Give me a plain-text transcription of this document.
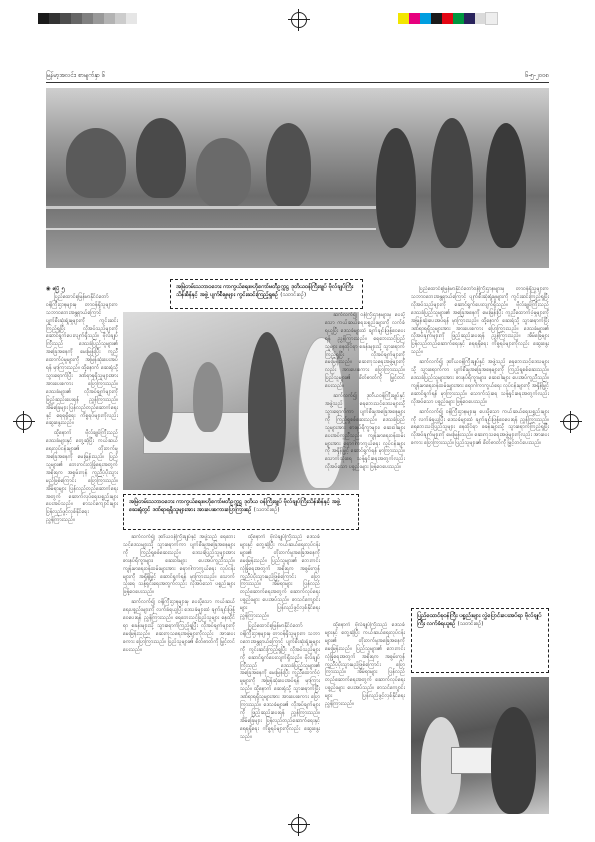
မြန်မာ့အလင်း၊ စာမျက်နှာ ၆	၆-၅-၂၀၀၈
အမြဲတမ်းသဘာဝဘေး ကာကွယ်ရေးဗဟိုကော်မတီဥက္ကဋ္ဌ ဒုတိယဝန်ကြီးချုပ် ဗိုလ်ချုပ်ကြီးသိန်းစိန်နှင့် အဖွဲ့ ပျက်စီးမှုများ ကွင်းဆင်းကြည့်ရှုစဉ် (သတင်းစဉ်)
အမြဲတမ်းသဘာဝဘေး ကာကွယ်ရေးဗဟိုကော်မတီဥက္ကဋ္ဌ ဒုတိယ ဝန်ကြီးချုပ် ဗိုလ်ချုပ်ကြီးသိန်းစိန်နှင့် အဖွဲ့ ဆေးရုံတွင် ဒဏ်ရာရရှိသူများအား အားပေးစကားပြောကြားစဉ် (သတင်းစဉ်)
◉ ဧပြီ ၅

ပြည်ထောင်စုမြန်မာနိုင်ငံတော်ဝန်ကြီးဌာနများမှ တာဝန်ရှိသူများက သဘာဝဘေးအန္တရာယ်ကြောင့် ပျက်စီးဆုံးရှုံးမှုများကို ကွင်းဆင်းကြည့်ရှုပြီး လိုအပ်သည်များကို ဆောင်ရွက်ပေးလျက်ရှိသည်။ ဗိုလ်ချုပ်ကြီးသည် ဒေသခံပြည်သူများ၏ အခြေအနေကို မေးမြန်းပြီး ကူညီထောက်ပံ့မှုများကို အမြန်ဆုံးပေးအပ်ရန် မှာကြားသည်။ ထို့နောက် ဆေးရုံသို့ သွားရောက်ပြီး ဒဏ်ရာရရှိသူများအား အားပေးစကား ပြောကြားသည်။ ဒေသခံများ၏ လိုအပ်ချက်များကို ဖြည့်ဆည်းပေးရန် ညွှန်ကြားသည်။ အိမ်ခြေများ ပြန်လည်တည်ဆောက်ရေးနှင့် ရေရရှိရေး ကိစ္စရပ်များကိုလည်း ဆွေးနွေးသည်။

ထို့နောက် ဗိုလ်ချုပ်ကြီးသည် ဒေသခံများနှင့် တွေ့ဆုံပြီး ကယ်ဆယ်ရေးလုပ်ငန်းများ၏ တိုးတက်မှုအခြေအနေကို မေးမြန်းသည်။ ပြည်သူများ၏ ဘေးကင်းလုံခြုံရေးအတွက် အစိုးရက အစွမ်းကုန် ကူညီပံ့ပိုးသွားမည်ဖြစ်ကြောင်း ပြောကြားသည်။ အိမ်ရာများ ပြန်လည်တည်ဆောက်ရေးအတွက် ဆောက်လုပ်ရေးပစ္စည်းများ ပေးအပ်သည်။ စာသင်ကျောင်းများ ပြန်လည်ဖွင့်လှစ်နိုင်ရေး ညွှန်ကြားသည်။

ဆက်လက်၍ ဒုတိယဝန်ကြီးချုပ်နှင့် အဖွဲ့သည် ရေဘေးသင့်ဒေသများသို့ သွားရောက်ကာ ပျက်စီးမှုအခြေအနေများကို ကြည့်ရှုစစ်ဆေးသည်။ ဒေသခံပြည်သူများအား စားနပ်ရိက္ခာများ၊ ဆေးဝါးများ ပေးအပ်ကူညီသည်။ ကျန်းမာရေးဝန်ထမ်းများအား ရောဂါကာကွယ်ရေး လုပ်ငန်းများကို အရှိန်မြှင့် ဆောင်ရွက်ရန် မှာကြားသည်။ သောက်သုံးရေ သန့်ရှင်းရေးအတွက်လည်း လိုအပ်သော ပစ္စည်းများ ဖြန့်ဝေပေးသည်။

ဆက်လက်၍ ဝန်ကြီးဌာနများမှ ပေးပို့သော ကယ်ဆယ်ရေးပစ္စည်းများကို လက်ခံရယူပြီး ဒေသခံများထံ ချက်ချင်းဖြန့်ဝေပေးရန် ညွှန်ကြားသည်။ ရေဘေးသင့်ပြည်သူများ နေထိုင်ရာ စခန်းများသို့ သွားရောက်ကြည့်ရှုပြီး လိုအပ်ချက်များကို မေးမြန်းသည်။ ဆေးကုသရေးအဖွဲ့များကိုလည်း အားပေးစကား ပြောကြားသည်။ ပြည်သူများ၏ စိတ်ဓာတ်ကို မြှင့်တင်ပေးသည်။

ထို့နောက် ဗိုလ်ချုပ်ကြီးသည် ဒေသခံများနှင့် တွေ့ဆုံပြီး ကယ်ဆယ်ရေးလုပ်ငန်းများ၏ တိုးတက်မှုအခြေအနေကို မေးမြန်းသည်။ ပြည်သူများ၏ ဘေးကင်းလုံခြုံရေးအတွက် အစိုးရက အစွမ်းကုန် ကူညီပံ့ပိုးသွားမည်ဖြစ်ကြောင်း ပြောကြားသည်။ အိမ်ရာများ ပြန်လည်တည်ဆောက်ရေးအတွက် ဆောက်လုပ်ရေးပစ္စည်းများ ပေးအပ်သည်။ စာသင်ကျောင်းများ ပြန်လည်ဖွင့်လှစ်နိုင်ရေး ညွှန်ကြားသည်။

ပြည်ထောင်စုမြန်မာနိုင်ငံတော်ဝန်ကြီးဌာနများမှ တာဝန်ရှိသူများက သဘာဝဘေးအန္တရာယ်ကြောင့် ပျက်စီးဆုံးရှုံးမှုများကို ကွင်းဆင်းကြည့်ရှုပြီး လိုအပ်သည်များကို ဆောင်ရွက်ပေးလျက်ရှိသည်။ ဗိုလ်ချုပ်ကြီးသည် ဒေသခံပြည်သူများ၏ အခြေအနေကို မေးမြန်းပြီး ကူညီထောက်ပံ့မှုများကို အမြန်ဆုံးပေးအပ်ရန် မှာကြားသည်။ ထို့နောက် ဆေးရုံသို့ သွားရောက်ပြီး ဒဏ်ရာရရှိသူများအား အားပေးစကား ပြောကြားသည်။ ဒေသခံများ၏ လိုအပ်ချက်များကို ဖြည့်ဆည်းပေးရန် ညွှန်ကြားသည်။ အိမ်ခြေများ ပြန်လည်တည်ဆောက်ရေးနှင့် ရေရရှိရေး ကိစ္စရပ်များကိုလည်း ဆွေးနွေးသည်။

ဆက်လက်၍ ဝန်ကြီးဌာနများမှ ပေးပို့သော ကယ်ဆယ်ရေးပစ္စည်းများကို လက်ခံရယူပြီး ဒေသခံများထံ ချက်ချင်းဖြန့်ဝေပေးရန် ညွှန်ကြားသည်။ ရေဘေးသင့်ပြည်သူများ နေထိုင်ရာ စခန်းများသို့ သွားရောက်ကြည့်ရှုပြီး လိုအပ်ချက်များကို မေးမြန်းသည်။ ဆေးကုသရေးအဖွဲ့များကိုလည်း အားပေးစကား ပြောကြားသည်။ ပြည်သူများ၏ စိတ်ဓာတ်ကို မြှင့်တင်ပေးသည်။

ဆက်လက်၍ ဒုတိယဝန်ကြီးချုပ်နှင့် အဖွဲ့သည် ရေဘေးသင့်ဒေသများသို့ သွားရောက်ကာ ပျက်စီးမှုအခြေအနေများကို ကြည့်ရှုစစ်ဆေးသည်။ ဒေသခံပြည်သူများအား စားနပ်ရိက္ခာများ၊ ဆေးဝါးများ ပေးအပ်ကူညီသည်။ ကျန်းမာရေးဝန်ထမ်းများအား ရောဂါကာကွယ်ရေး လုပ်ငန်းများကို အရှိန်မြှင့် ဆောင်ရွက်ရန် မှာကြားသည်။ သောက်သုံးရေ သန့်ရှင်းရေးအတွက်လည်း လိုအပ်သော ပစ္စည်းများ ဖြန့်ဝေပေးသည်။

ပြည်ထောင်စုမြန်မာနိုင်ငံတော်ဝန်ကြီးဌာနများမှ တာဝန်ရှိသူများက သဘာဝဘေးအန္တရာယ်ကြောင့် ပျက်စီးဆုံးရှုံးမှုများကို ကွင်းဆင်းကြည့်ရှုပြီး လိုအပ်သည်များကို ဆောင်ရွက်ပေးလျက်ရှိသည်။ ဗိုလ်ချုပ်ကြီးသည် ဒေသခံပြည်သူများ၏ အခြေအနေကို မေးမြန်းပြီး ကူညီထောက်ပံ့မှုများကို အမြန်ဆုံးပေးအပ်ရန် မှာကြားသည်။ ထို့နောက် ဆေးရုံသို့ သွားရောက်ပြီး ဒဏ်ရာရရှိသူများအား အားပေးစကား ပြောကြားသည်။ ဒေသခံများ၏ လိုအပ်ချက်များကို ဖြည့်ဆည်းပေးရန် ညွှန်ကြားသည်။ အိမ်ခြေများ ပြန်လည်တည်ဆောက်ရေးနှင့် ရေရရှိရေး ကိစ္စရပ်များကိုလည်း ဆွေးနွေးသည်။

ဆက်လက်၍ ဒုတိယဝန်ကြီးချုပ်နှင့် အဖွဲ့သည် ရေဘေးသင့်ဒေသများသို့ သွားရောက်ကာ ပျက်စီးမှုအခြေအနေများကို ကြည့်ရှုစစ်ဆေးသည်။ ဒေသခံပြည်သူများအား စားနပ်ရိက္ခာများ၊ ဆေးဝါးများ ပေးအပ်ကူညီသည်။ ကျန်းမာရေးဝန်ထမ်းများအား ရောဂါကာကွယ်ရေး လုပ်ငန်းများကို အရှိန်မြှင့် ဆောင်ရွက်ရန် မှာကြားသည်။ သောက်သုံးရေ သန့်ရှင်းရေးအတွက်လည်း လိုအပ်သော ပစ္စည်းများ ဖြန့်ဝေပေးသည်။

ဆက်လက်၍ ဝန်ကြီးဌာနများမှ ပေးပို့သော ကယ်ဆယ်ရေးပစ္စည်းများကို လက်ခံရယူပြီး ဒေသခံများထံ ချက်ချင်းဖြန့်ဝေပေးရန် ညွှန်ကြားသည်။ ရေဘေးသင့်ပြည်သူများ နေထိုင်ရာ စခန်းများသို့ သွားရောက်ကြည့်ရှုပြီး လိုအပ်ချက်များကို မေးမြန်းသည်။ ဆေးကုသရေးအဖွဲ့များကိုလည်း အားပေးစကား ပြောကြားသည်။ ပြည်သူများ၏ စိတ်ဓာတ်ကို မြှင့်တင်ပေးသည်။

ထို့နောက် ဗိုလ်ချုပ်ကြီးသည် ဒေသခံများနှင့် တွေ့ဆုံပြီး ကယ်ဆယ်ရေးလုပ်ငန်းများ၏ တိုးတက်မှုအခြေအနေကို မေးမြန်းသည်။ ပြည်သူများ၏ ဘေးကင်းလုံခြုံရေးအတွက် အစိုးရက အစွမ်းကုန် ကူညီပံ့ပိုးသွားမည်ဖြစ်ကြောင်း ပြောကြားသည်။ အိမ်ရာများ ပြန်လည်တည်ဆောက်ရေးအတွက် ဆောက်လုပ်ရေးပစ္စည်းများ ပေးအပ်သည်။ စာသင်ကျောင်းများ ပြန်လည်ဖွင့်လှစ်နိုင်ရေး ညွှန်ကြားသည်။

ပြည်ထောင်စုဝန်ကြီး ပစ္စည်းများ လွှဲပြောင်းပေးအပ်ရာ ဗိုလ်ချုပ်ကြီး လက်ခံရယူစဉ် (သတင်းစဉ်)
